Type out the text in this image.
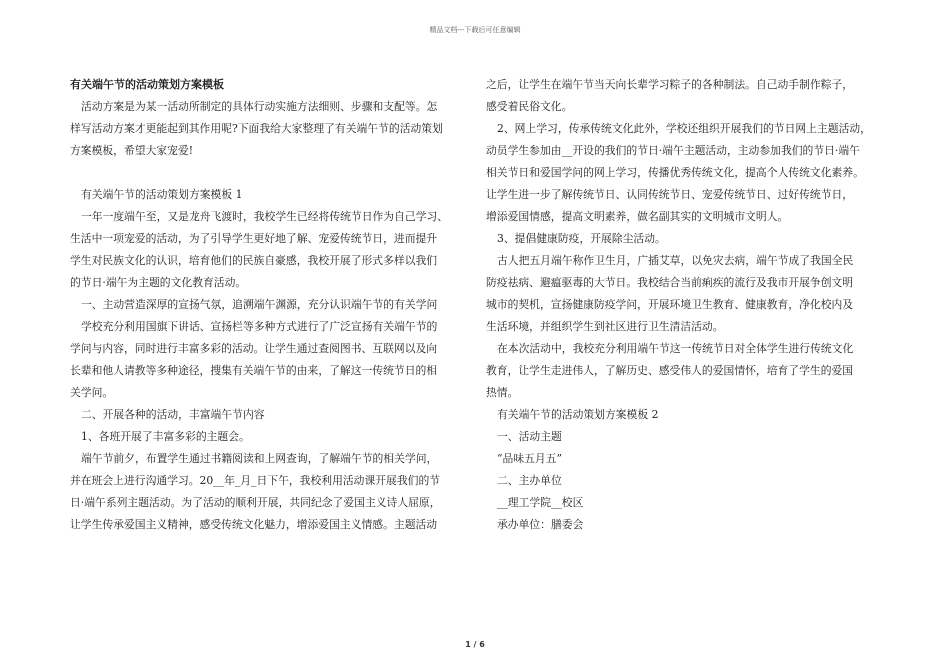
精品文档---下载后可任意编辑

有关端午节的活动策划方案模板

活动方案是为某一活动所制定的具体行动实施方法细则、步骤和支配等。怎

样写活动方案才更能起到其作用呢?下面我给大家整理了有关端午节的活动策划

方案模板，希望大家宠爱!

有关端午节的活动策划方案模板 1

一年一度端午至，又是龙舟飞渡时，我校学生已经将传统节日作为自己学习、

生活中一项宠爱的活动，为了引导学生更好地了解、宠爱传统节日，进而提升

学生对民族文化的认识，培育他们的民族自豪感，我校开展了形式多样以我们

的节日·端午为主题的文化教育活动。

一、主动营造深厚的宣扬气氛，追溯端午渊源，充分认识端午节的有关学问

学校充分利用国旗下讲话、宣扬栏等多种方式进行了广泛宣扬有关端午节的

学问与内容，同时进行丰富多彩的活动。让学生通过查阅图书、互联网以及向

长辈和他人请教等多种途径，搜集有关端午节的由来，了解这一传统节日的相

关学问。

二、开展各种的活动，丰富端午节内容

1、各班开展了丰富多彩的主题会。

端午节前夕，布置学生通过书籍阅读和上网查询，了解端午节的相关学问，

并在班会上进行沟通学习。20__年_月_日下午，我校利用活动课开展我们的节

日·端午系列主题活动。为了活动的顺利开展，共同纪念了爱国主义诗人屈原，

让学生传承爱国主义精神，感受传统文化魅力，增添爱国主义情感。主题活动

之后，让学生在端午节当天向长辈学习粽子的各种制法。自己动手制作粽子，

感受着民俗文化。

2、网上学习，传承传统文化此外，学校还组织开展我们的节日网上主题活动，

动员学生参加由__开设的我们的节日·端午主题活动，主动参加我们的节日·端午

相关节日和爱国学问的网上学习，传播优秀传统文化，提高个人传统文化素养。

让学生进一步了解传统节日、认同传统节日、宠爱传统节日、过好传统节日，

增添爱国情感，提高文明素养，做名副其实的文明城市文明人。

3、提倡健康防疫，开展除尘活动。

古人把五月端午称作卫生月，广插艾草，以免灾去病，端午节成了我国全民

防疫祛病、避瘟驱毒的大节日。我校结合当前痢疾的流行及我市开展争创文明

城市的契机，宣扬健康防疫学问，开展环境卫生教育、健康教育，净化校内及

生活环境，并组织学生到社区进行卫生清洁活动。

在本次活动中，我校充分利用端午节这一传统节日对全体学生进行传统文化

教育，让学生走进伟人，了解历史、感受伟人的爱国情怀，培育了学生的爱国

热情。

有关端午节的活动策划方案模板 2

一、活动主题

“品味五月五”

二、主办单位

__理工学院__校区

承办单位：膳委会

1 / 6
